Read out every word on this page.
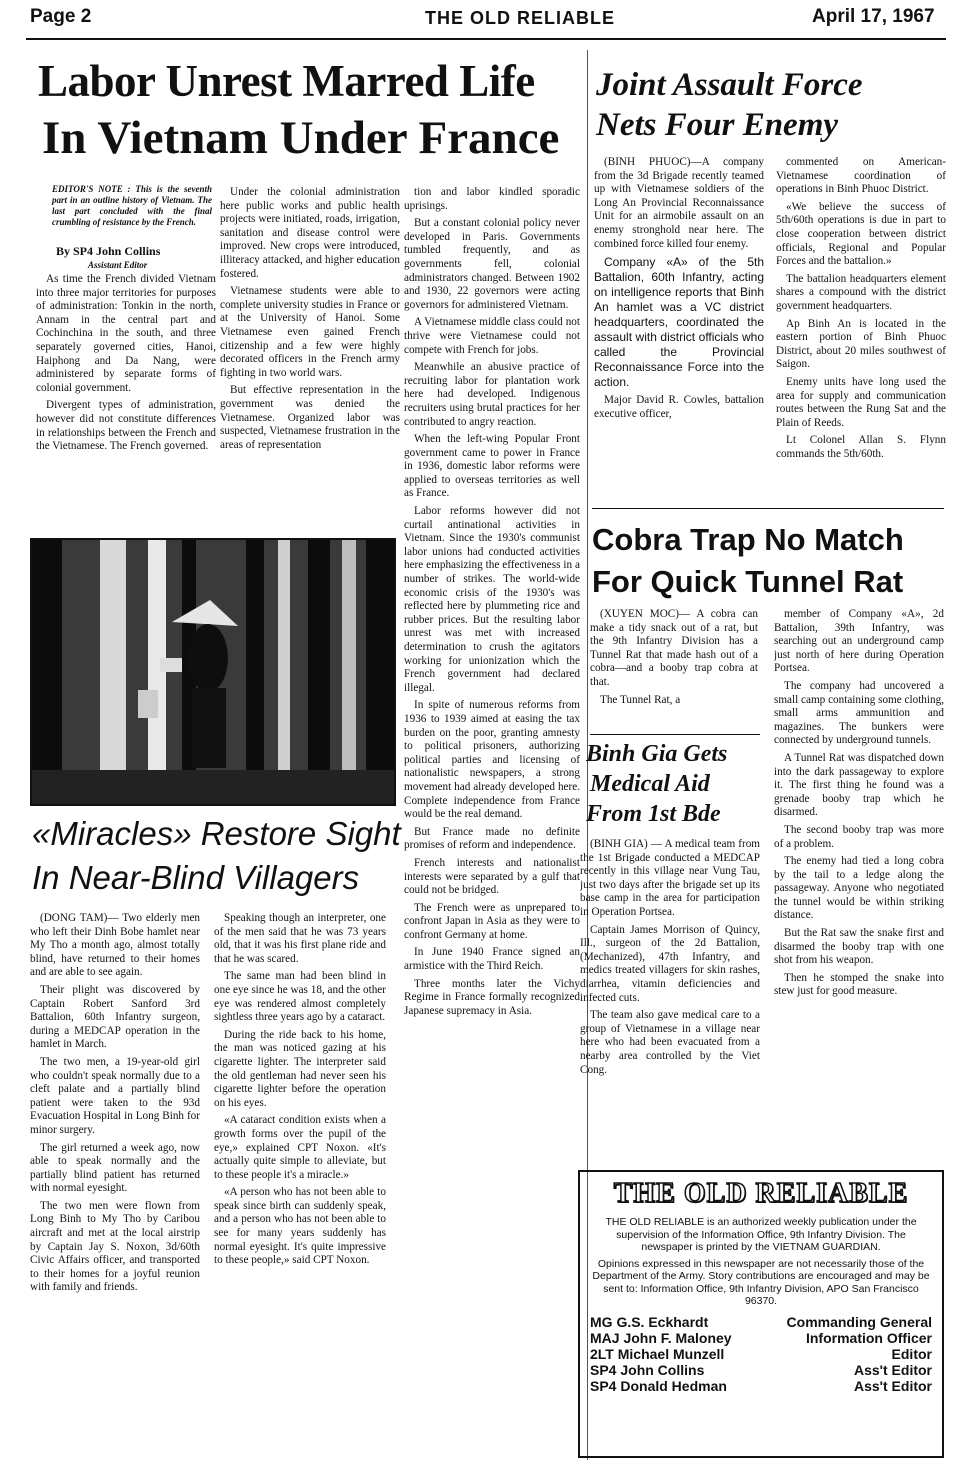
Page 2	THE OLD RELIABLE	April 17, 1967
Labor Unrest Marred Life
In Vietnam Under France
EDITOR'S NOTE : This is the seventh part in an outline history of Vietnam. The last part concluded with the final crumbling of resistance by the French.
By SP4 John Collins
Assistant Editor

As time the French divided Vietnam into three major territories for purposes of administration: Tonkin in the north, Annam in the central part and Cochinchina in the south, and three separately governed cities, Hanoi, Haiphong and Da Nang, were administered by separate forms of colonial government.

Divergent types of administration, however did not constitute differences in relationships between the French and the Vietnamese. The French governed.

Under the colonial administration here public works and public health projects were initiated, roads, irrigation, sanitation and disease control were improved. New crops were introduced, illiteracy attacked, and higher education fostered.

Vietnamese students were able to complete university studies in France or at the University of Hanoi. Some Vietnamese even gained French citizenship and a few were highly decorated officers in the French army fighting in two world wars.

But effective representation in the government was denied the Vietnamese. Organized labor was suspected, Vietnamese frustration in the areas of representation

tion and labor kindled sporadic uprisings.

But a constant colonial policy never developed in Paris. Governments tumbled frequently, and as governments fell, colonial administrators changed. Between 1902 and 1930, 22 governors were acting governors for administered Vietnam.

A Vietnamese middle class could not thrive were Vietnamese could not compete with French for jobs.

Meanwhile an abusive practice of recruiting labor for plantation work here had developed. Indigenous recruiters using brutal practices for her contributed to angry reaction.

When the left-wing Popular Front government came to power in France in 1936, domestic labor reforms were applied to overseas territories as well as France.

Labor reforms however did not curtail antinational activities in Vietnam. Since the 1930's communist labor unions had conducted activities here emphasizing the effectiveness in a number of strikes. The world-wide economic crisis of the 1930's was reflected here by plummeting rice and rubber prices. But the resulting labor unrest was met with increased determination to crush the agitators working for unionization which the French government had declared illegal.

In spite of numerous reforms from 1936 to 1939 aimed at easing the tax burden on the poor, granting amnesty to political prisoners, authorizing political parties and licensing of nationalistic newspapers, a strong movement had already developed here. Complete independence from France would be the real demand.

But France made no definite promises of reform and independence.

French interests and nationalist interests were separated by a gulf that could not be bridged.

The French were as unprepared to confront Japan in Asia as they were to confront Germany at home.

In June 1940 France signed an armistice with the Third Reich.

Three months later the Vichy Regime in France formally recognized Japanese supremacy in Asia.

«Miracles» Restore Sight
In Near-Blind Villagers

(DONG TAM)— Two elderly men who left their Dinh Bobe hamlet near My Tho a month ago, almost totally blind, have returned to their homes and are able to see again.

Their plight was discovered by Captain Robert Sanford 3rd Battalion, 60th Infantry surgeon, during a MEDCAP operation in the hamlet in March.

The two men, a 19-year-old girl who couldn't speak normally due to a cleft palate and a partially blind patient were taken to the 93d Evacuation Hospital in Long Binh for minor surgery.

The girl returned a week ago, now able to speak normally and the partially blind patient has returned with normal eyesight.

The two men were flown from Long Binh to My Tho by Caribou aircraft and met at the local airstrip by Captain Jay S. Noxon, 3d/60th Civic Affairs officer, and transported to their homes for a joyful reunion with family and friends.

Speaking though an interpreter, one of the men said that he was 73 years old, that it was his first plane ride and that he was scared.

The same man had been blind in one eye since he was 18, and the other eye was rendered almost completely sightless three years ago by a cataract.

During the ride back to his home, the man was noticed gazing at his cigarette lighter. The interpreter said the old gentleman had never seen his cigarette lighter before the operation on his eyes.

«A cataract condition exists when a growth forms over the pupil of the eye,» explained CPT Noxon. «It's actually quite simple to alleviate, but to these people it's a miracle.»

«A person who has not been able to speak since birth can suddenly speak, and a person who has not been able to see for many years suddenly has normal eyesight. It's quite impressive to these people,» said CPT Noxon.

Joint Assault Force
Nets Four Enemy

(BINH PHUOC)—A company from the 3d Brigade recently teamed up with Vietnamese soldiers of the Long An Provincial Reconnaissance Unit for an airmobile assault on an enemy stronghold near here. The combined force killed four enemy.

Company «A» of the 5th Battalion, 60th Infantry, acting on intelligence reports that Binh An hamlet was a VC district headquarters, coordinated the assault with district officials who called the Provincial Reconnaissance Force into the action.

Major David R. Cowles, battalion executive officer,

commented on American-Vietnamese coordination of operations in Binh Phuoc District.

«We believe the success of 5th/60th operations is due in part to close cooperation between district officials, Regional and Popular Forces and the battalion.»

The battalion headquarters element shares a compound with the district government headquarters.

Ap Binh An is located in the eastern portion of Binh Phuoc District, about 20 miles southwest of Saigon.

Enemy units have long used the area for supply and communication routes between the Rung Sat and the Plain of Reeds.

Lt Colonel Allan S. Flynn commands the 5th/60th.

Cobra Trap No Match
For Quick Tunnel Rat

(XUYEN MOC)— A cobra can make a tidy snack out of a rat, but the 9th Infantry Division has a Tunnel Rat that made hash out of a cobra—and a booby trap cobra at that.

The Tunnel Rat, a

member of Company «A», 2d Battalion, 39th Infantry, was searching out an underground camp just north of here during Operation Portsea.

The company had uncovered a small camp containing some clothing, small arms ammunition and magazines. The bunkers were connected by underground tunnels.

A Tunnel Rat was dispatched down into the dark passageway to explore it. The first thing he found was a grenade booby trap which he disarmed.

The second booby trap was more of a problem.

The enemy had tied a long cobra by the tail to a ledge along the passageway. Anyone who negotiated the tunnel would be within striking distance.

But the Rat saw the snake first and disarmed the booby trap with one shot from his weapon.

Then he stomped the snake into stew just for good measure.

Binh Gia Gets
Medical Aid
From 1st Bde

(BINH GIA) — A medical team from the 1st Brigade conducted a MEDCAP recently in this village near Vung Tau, just two days after the brigade set up its base camp in the area for participation in Operation Portsea.

Captain James Morrison of Quincy, Ill., surgeon of the 2d Battalion, (Mechanized), 47th Infantry, and medics treated villagers for skin rashes, diarrhea, vitamin deficiencies and infected cuts.

The team also gave medical care to a group of Vietnamese in a village near here who had been evacuated from a nearby area controlled by the Viet Cong.

THE OLD RELIABLE
THE OLD RELIABLE is an authorized weekly publication under the supervision of the Information Office, 9th Infantry Division. The newspaper is printed by the VIETNAM GUARDIAN.
Opinions expressed in this newspaper are not necessarily those of the Department of the Army. Story contributions are encouraged and may be sent to: Information Office, 9th Infantry Division, APO San Francisco 96370.
MG G.S. Eckhardt	Commanding General
MAJ John F. Maloney	Information Officer
2LT Michael Munzell	Editor
SP4 John Collins	Ass't Editor
SP4 Donald Hedman	Ass't Editor
